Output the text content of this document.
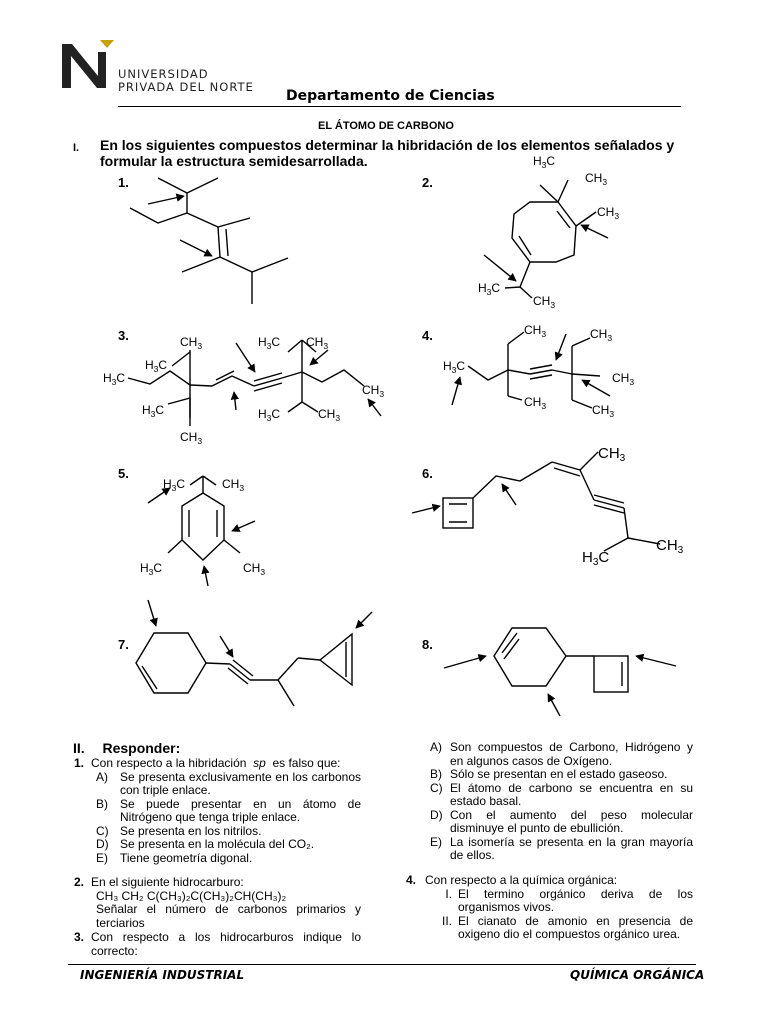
UNIVERSIDAD
PRIVADA DEL NORTE
Departamento de Ciencias
EL ÁTOMO DE CARBONO
I. En los siguientes compuestos determinar la hibridación de los elementos señalados y
formular la estructura semidesarrollada.
1.	2.
3.	4.
5.	6.
7.	8.
$H_3C$
$CH_3$
$CH_3$
$H_3C$
$CH_3$
$CH_3$
$H_3C$
$H_3C$
$H_3C$
$CH_3$
$H_3C$ $CH_3$
$CH_3$
$H_3C$	$CH_3$
$CH_3$
$H_3C$
$CH_3$
$CH_3$
$CH_3$
$CH_3$
$H_3C$	$CH_3$
$H_3C$	$CH_3$
$CH_3$
$H_3C$
$CH_3$
II. Responder:
1. Con respecto a la hibridación sp es falso que:
A)	Se presenta exclusivamente en los carbonos con triple enlace.
B)	Se puede presentar en un átomo de Nitrógeno que tenga triple enlace.
C) Se presenta en los nitrilos.
D) Se presenta en la molécula del CO₂.
E)	Tiene geometría digonal.
2. En el siguiente hidrocarburo:
CH₃ CH₂ C(CH₃)₂C(CH₃)₂CH(CH₃)₂
Señalar el número de carbonos primarios y terciarios
3. Con respecto a los hidrocarburos indique lo correcto:
A) Son compuestos de Carbono, Hidrógeno y en algunos casos de Oxígeno.
B) Sólo se presentan en el estado gaseoso.
C) El átomo de carbono se encuentra en su estado basal.
D) Con el aumento del peso molecular disminuye el punto de ebullición.
E) La isomería se presenta en la gran mayoría de ellos.
4. Con respecto a la química orgánica:
I. El termino orgánico deriva de los organismos vivos.
II. El cianato de amonio en presencia de oxigeno dio el compuestos orgánico urea.
INGENIERÍA INDUSTRIAL	QUÍMICA ORGÁNICA
